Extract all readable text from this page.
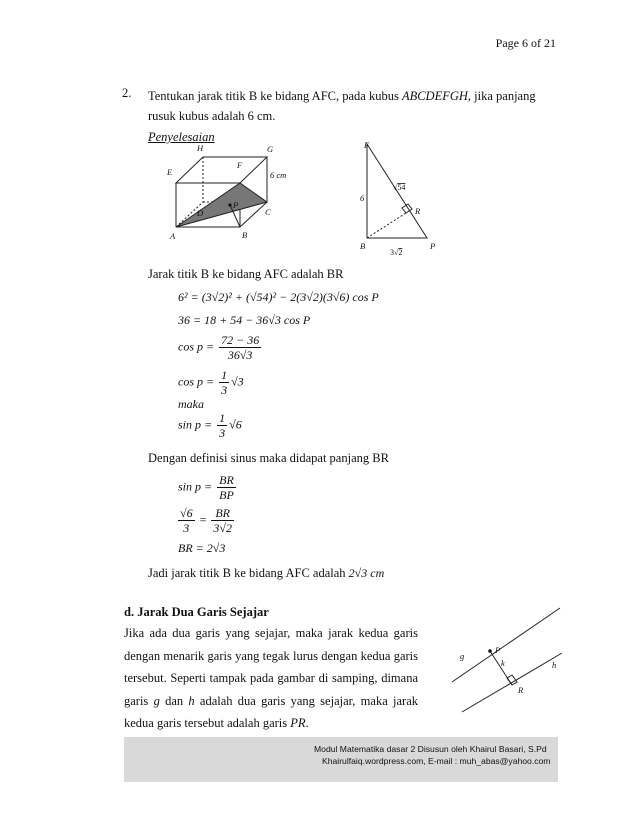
Page 6 of 21
2. Tentukan jarak titik B ke bidang AFC, pada kubus ABCDEFGH, jika panjang rusuk kubus adalah 6 cm.
Penyelesaian
H	G
E
F
6 cm
D
P
C
A	B
F
6
R
B	P
√54
3√2
Jarak titik B ke bidang AFC adalah BR
6² = (3√2)² + (√54)² − 2(3√2)(3√6) cos P
36 = 18 + 54 − 36√3 cos P
$\cos p = \frac{72 - 36}{36√3}$
$\cos p = \frac{1}{3} √3$
maka
$\sin p = \frac{1}{3} √6$
Dengan definisi sinus maka didapat panjang BR
$\sin p = \frac{BR}{BP}$
$\frac{√6}{3} = \frac{BR}{3√2}$
BR = 2√3
Jadi jarak titik B ke bidang AFC adalah 2√3 cm
d. Jarak Dua Garis Sejajar
Jika ada dua garis yang sejajar, maka jarak kedua garis dengan menarik garis yang tegak lurus dengan kedua garis tersebut. Seperti tampak pada gambar di samping, dimana garis g dan h adalah dua garis yang sejajar, maka jarak kedua garis tersebut adalah garis PR.
g
P
k	h
R
Modul Matematika dasar 2 Disusun oleh Khairul Basari, S.Pd
Khairulfaiq.wordpress.com, E-mail : muh_abas@yahoo.com
